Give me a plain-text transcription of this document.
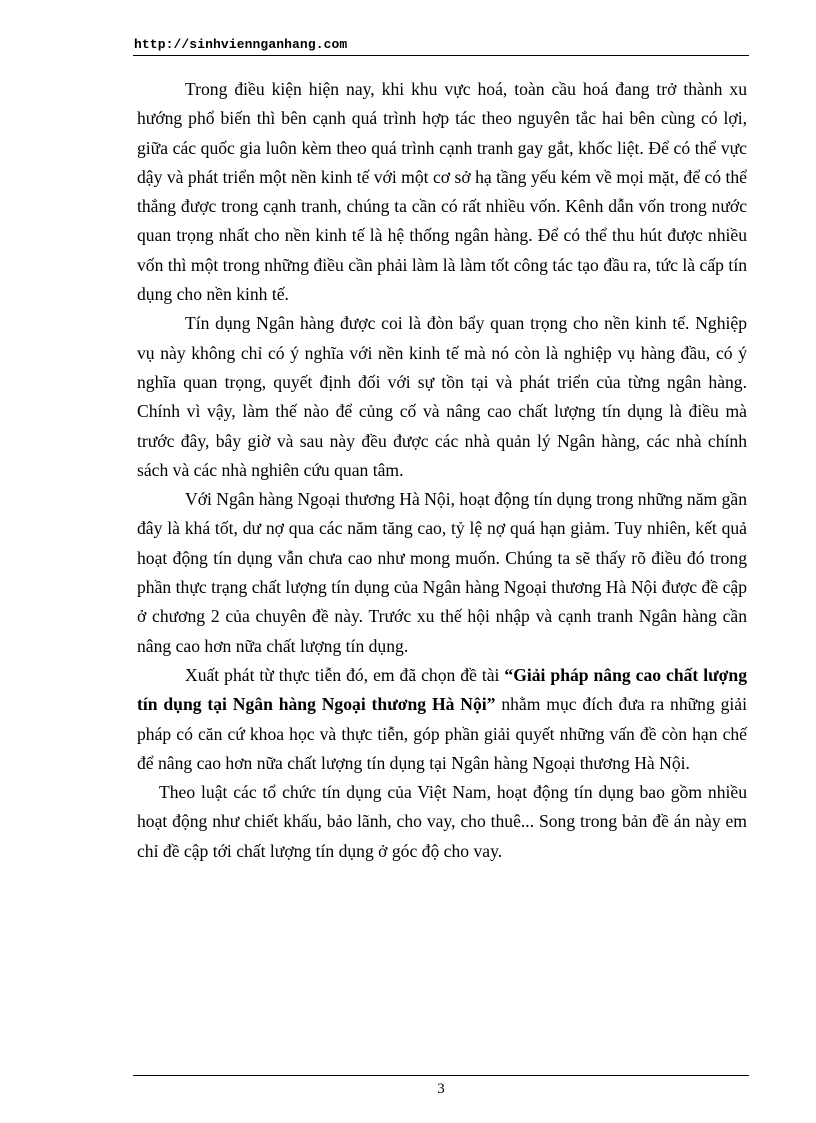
http://sinhviennganhang.com

Trong điều kiện hiện nay, khi khu vực hoá, toàn cầu hoá đang trở thành xu hướng phổ biến thì bên cạnh quá trình hợp tác theo nguyên tắc hai bên cùng có lợi, giữa các quốc gia luôn kèm theo quá trình cạnh tranh gay gắt, khốc liệt. Để có thể vực dậy và phát triển một nền kinh tế với một cơ sở hạ tầng yếu kém về mọi mặt, để có thể thắng được trong cạnh tranh, chúng ta cần có rất nhiều vốn. Kênh dẫn vốn trong nước quan trọng nhất cho nền kinh tế là hệ thống ngân hàng. Để có thể thu hút được nhiều vốn thì một trong những điều cần phải làm là làm tốt công tác tạo đầu ra, tức là cấp tín dụng cho nền kinh tế.

Tín dụng Ngân hàng được coi là đòn bẩy quan trọng cho nền kinh tế. Nghiệp vụ này không chỉ có ý nghĩa với nền kinh tế mà nó còn là nghiệp vụ hàng đầu, có ý nghĩa quan trọng, quyết định đối với sự tồn tại và phát triển của từng ngân hàng. Chính vì vậy, làm thế nào để củng cố và nâng cao chất lượng tín dụng là điều mà trước đây, bây giờ và sau này đều được các nhà quản lý Ngân hàng, các nhà chính sách và các nhà nghiên cứu quan tâm.

Với Ngân hàng Ngoại thương Hà Nội, hoạt động tín dụng trong những năm gần đây là khá tốt, dư nợ qua các năm tăng cao, tỷ lệ nợ quá hạn giảm. Tuy nhiên, kết quả hoạt động tín dụng vẫn chưa cao như mong muốn. Chúng ta sẽ thấy rõ điều đó trong phần thực trạng chất lượng tín dụng của Ngân hàng Ngoại thương Hà Nội được đề cập ở chương 2 của chuyên đề này. Trước xu thế hội nhập và cạnh tranh Ngân hàng cần nâng cao hơn nữa chất lượng tín dụng.

Xuất phát từ thực tiễn đó, em đã chọn đề tài “Giải pháp nâng cao chất lượng tín dụng tại Ngân hàng Ngoại thương Hà Nội” nhằm mục đích đưa ra những giải pháp có căn cứ khoa học và thực tiễn, góp phần giải quyết những vấn đề còn hạn chế để nâng cao hơn nữa chất lượng tín dụng tại Ngân hàng Ngoại thương Hà Nội.

Theo luật các tổ chức tín dụng của Việt Nam, hoạt động tín dụng bao gồm nhiều hoạt động như chiết khấu, bảo lãnh, cho vay, cho thuê... Song trong bản đề án này em chỉ đề cập tới chất lượng tín dụng ở góc độ cho vay.

3
